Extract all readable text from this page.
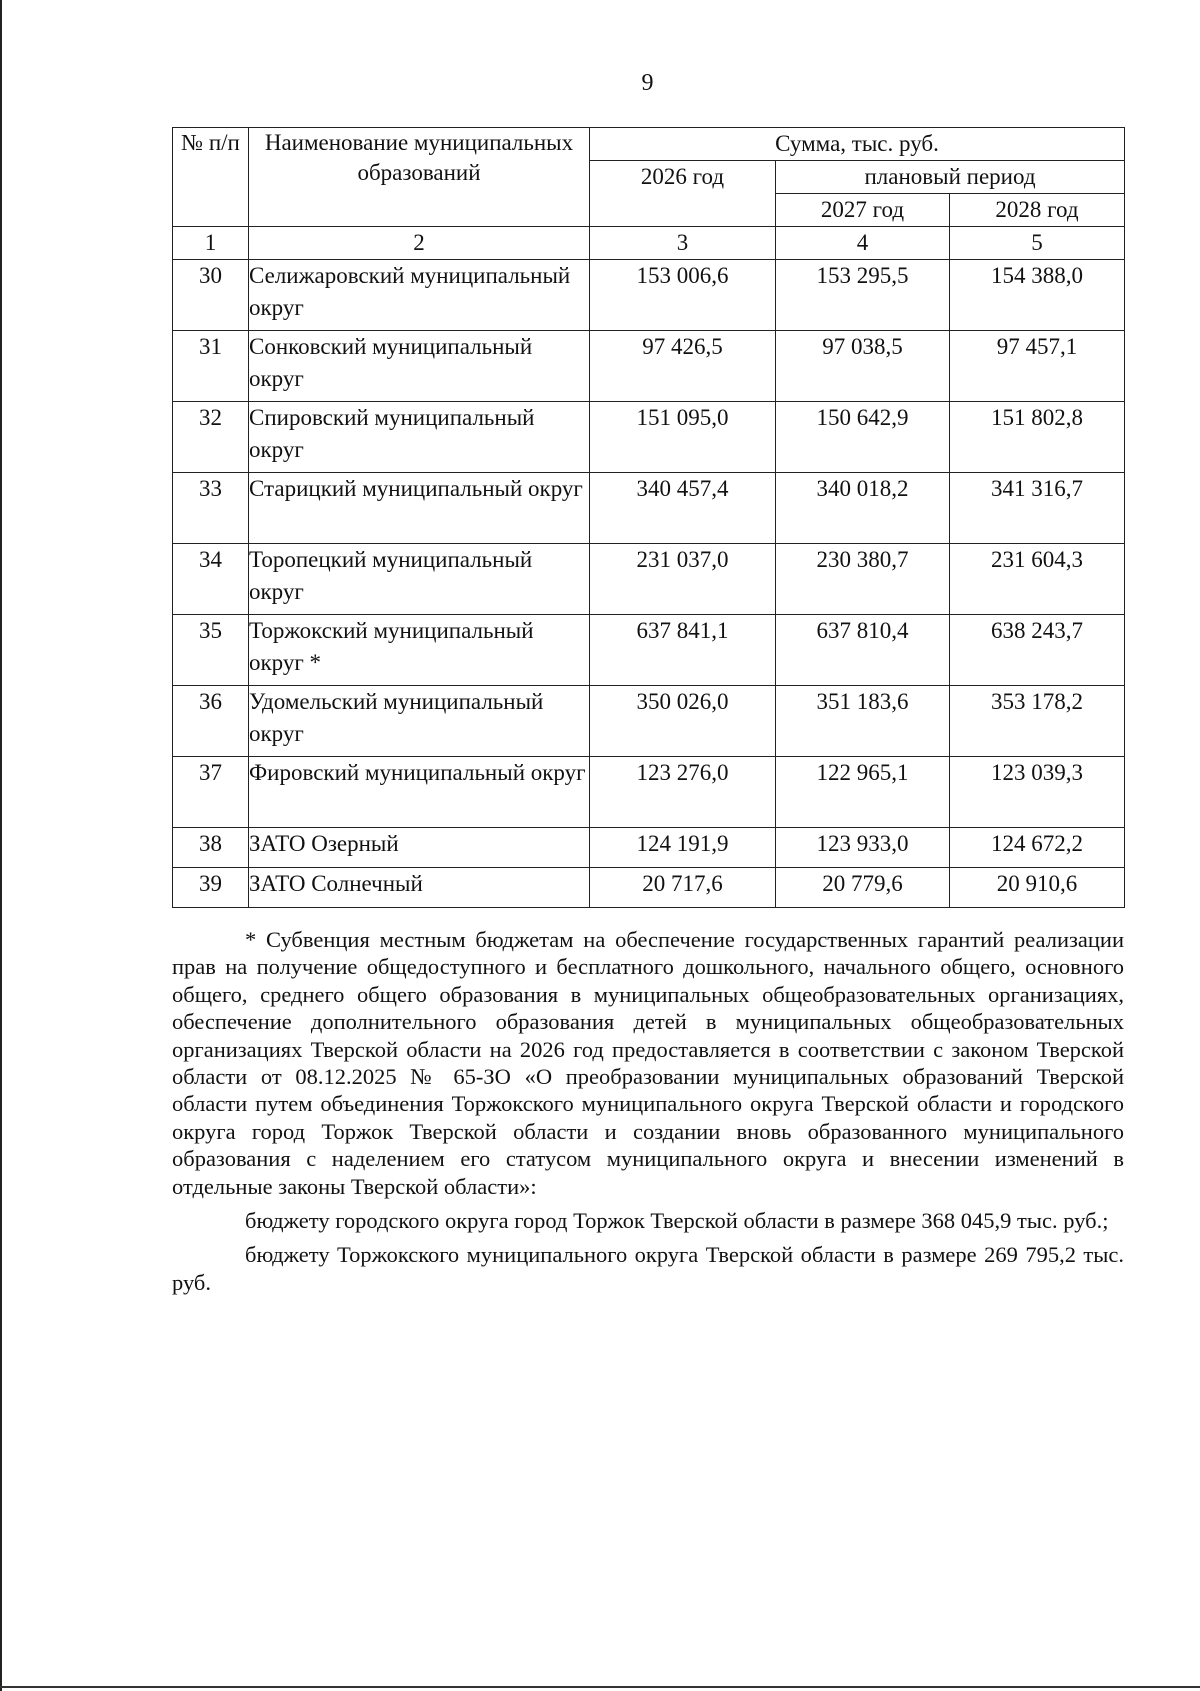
9
№ п/п	Наименование муниципальных образований	Сумма, тыс. руб.		
		2026 год	плановый период	
			2027 год	2028 год
1	2	3	4	5
30	Селижаровский муниципальный округ	153 006,6	153 295,5	154 388,0
31	Сонковский муниципальный округ	97 426,5	97 038,5	97 457,1
32	Спировский муниципальный округ	151 095,0	150 642,9	151 802,8
33	Старицкий муниципальный округ	340 457,4	340 018,2	341 316,7
34	Торопецкий муниципальный округ	231 037,0	230 380,7	231 604,3
35	Торжокский муниципальный округ *	637 841,1	637 810,4	638 243,7
36	Удомельский муниципальный округ	350 026,0	351 183,6	353 178,2
37	Фировский муниципальный округ	123 276,0	122 965,1	123 039,3
38	ЗАТО Озерный	124 191,9	123 933,0	124 672,2
39	ЗАТО Солнечный	20 717,6	20 779,6	20 910,6

* Субвенция местным бюджетам на обеспечение государственных гарантий реализации прав на получение общедоступного и бесплатного дошкольного, начального общего, основного общего, среднего общего образования в муниципальных общеобразовательных организациях, обеспечение дополнительного образования детей в муниципальных общеобразовательных организациях Тверской области на 2026 год предоставляется в соответствии с законом Тверской области от 08.12.2025 № 65-ЗО «О преобразовании муниципальных образований Тверской области путем объединения Торжокского муниципального округа Тверской области и городского округа город Торжок Тверской области и создании вновь образованного муниципального образования с наделением его статусом муниципального округа и внесении изменений в отдельные законы Тверской области»:

бюджету городского округа город Торжок Тверской области в размере 368 045,9 тыс. руб.;

бюджету Торжокского муниципального округа Тверской области в размере 269 795,2 тыс. руб.
